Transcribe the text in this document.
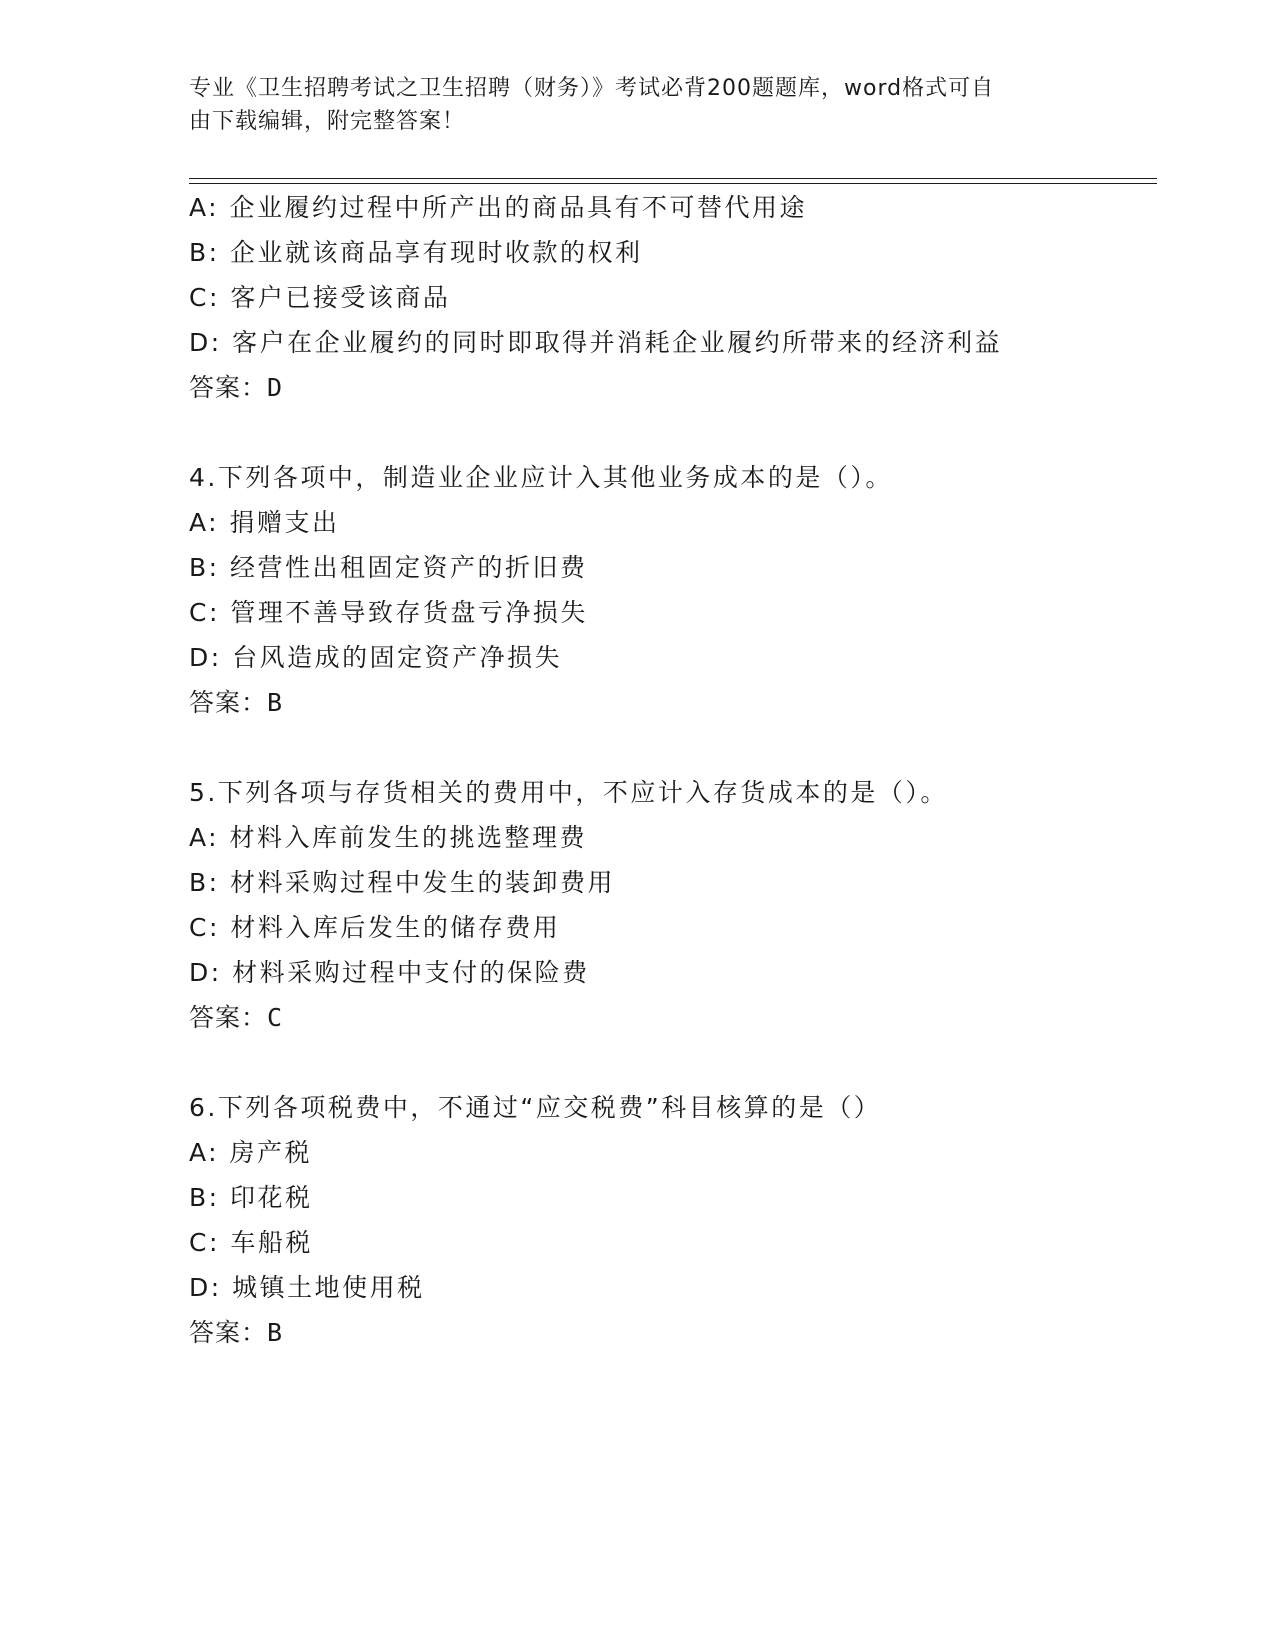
专业《卫生招聘考试之卫生招聘（财务）》考试必背200题题库，word格式可自
由下载编辑，附完整答案！
A: 企业履约过程中所产出的商品具有不可替代用途
B: 企业就该商品享有现时收款的权利
C: 客户已接受该商品
D: 客户在企业履约的同时即取得并消耗企业履约所带来的经济利益
答案：D
4.下列各项中，制造业企业应计入其他业务成本的是（）。
A: 捐赠支出
B: 经营性出租固定资产的折旧费
C: 管理不善导致存货盘亏净损失
D: 台风造成的固定资产净损失
答案：B
5.下列各项与存货相关的费用中，不应计入存货成本的是（）。
A: 材料入库前发生的挑选整理费
B: 材料采购过程中发生的装卸费用
C: 材料入库后发生的储存费用
D: 材料采购过程中支付的保险费
答案：C
6.下列各项税费中，不通过“应交税费”科目核算的是（）
A: 房产税
B: 印花税
C: 车船税
D: 城镇土地使用税
答案：B
